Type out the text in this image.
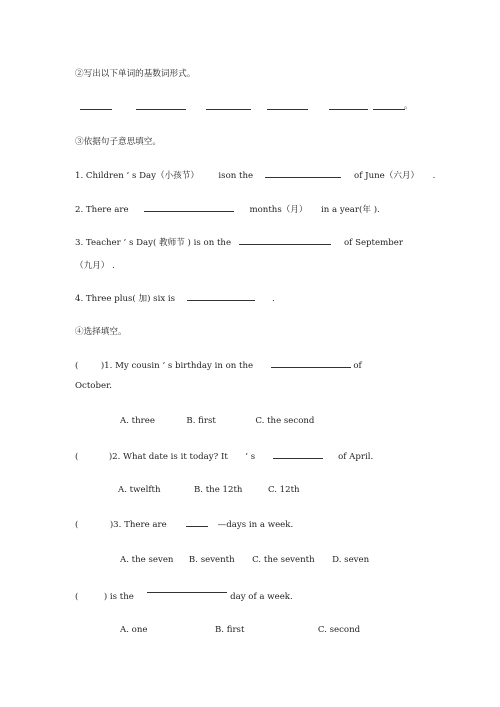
②写出以下单词的基数词形式。
。
③依据句子意思填空。
1. Children ’ s Day（小孩节） ison the	of June（六月） .
2. There are	months（月） in a year(年 ).
3. Teacher ’ s Day( 教师节 ) is on the	of September
（九月） .
4. Three plus( 加) six is	.
④选择填空。
(	)1. My cousin ’ s birthday in on the	of
October.
A. three	B. first	C. the second
(	)2. What date is it today? It ’ s	of April.
A. twelfth	B. the 12th	C. 12th
(	)3. There are	—days in a week.
A. the seven B. seventh C. the seventh D. seven
(	) is the	day of a week.
A. one	B. first	C. second
